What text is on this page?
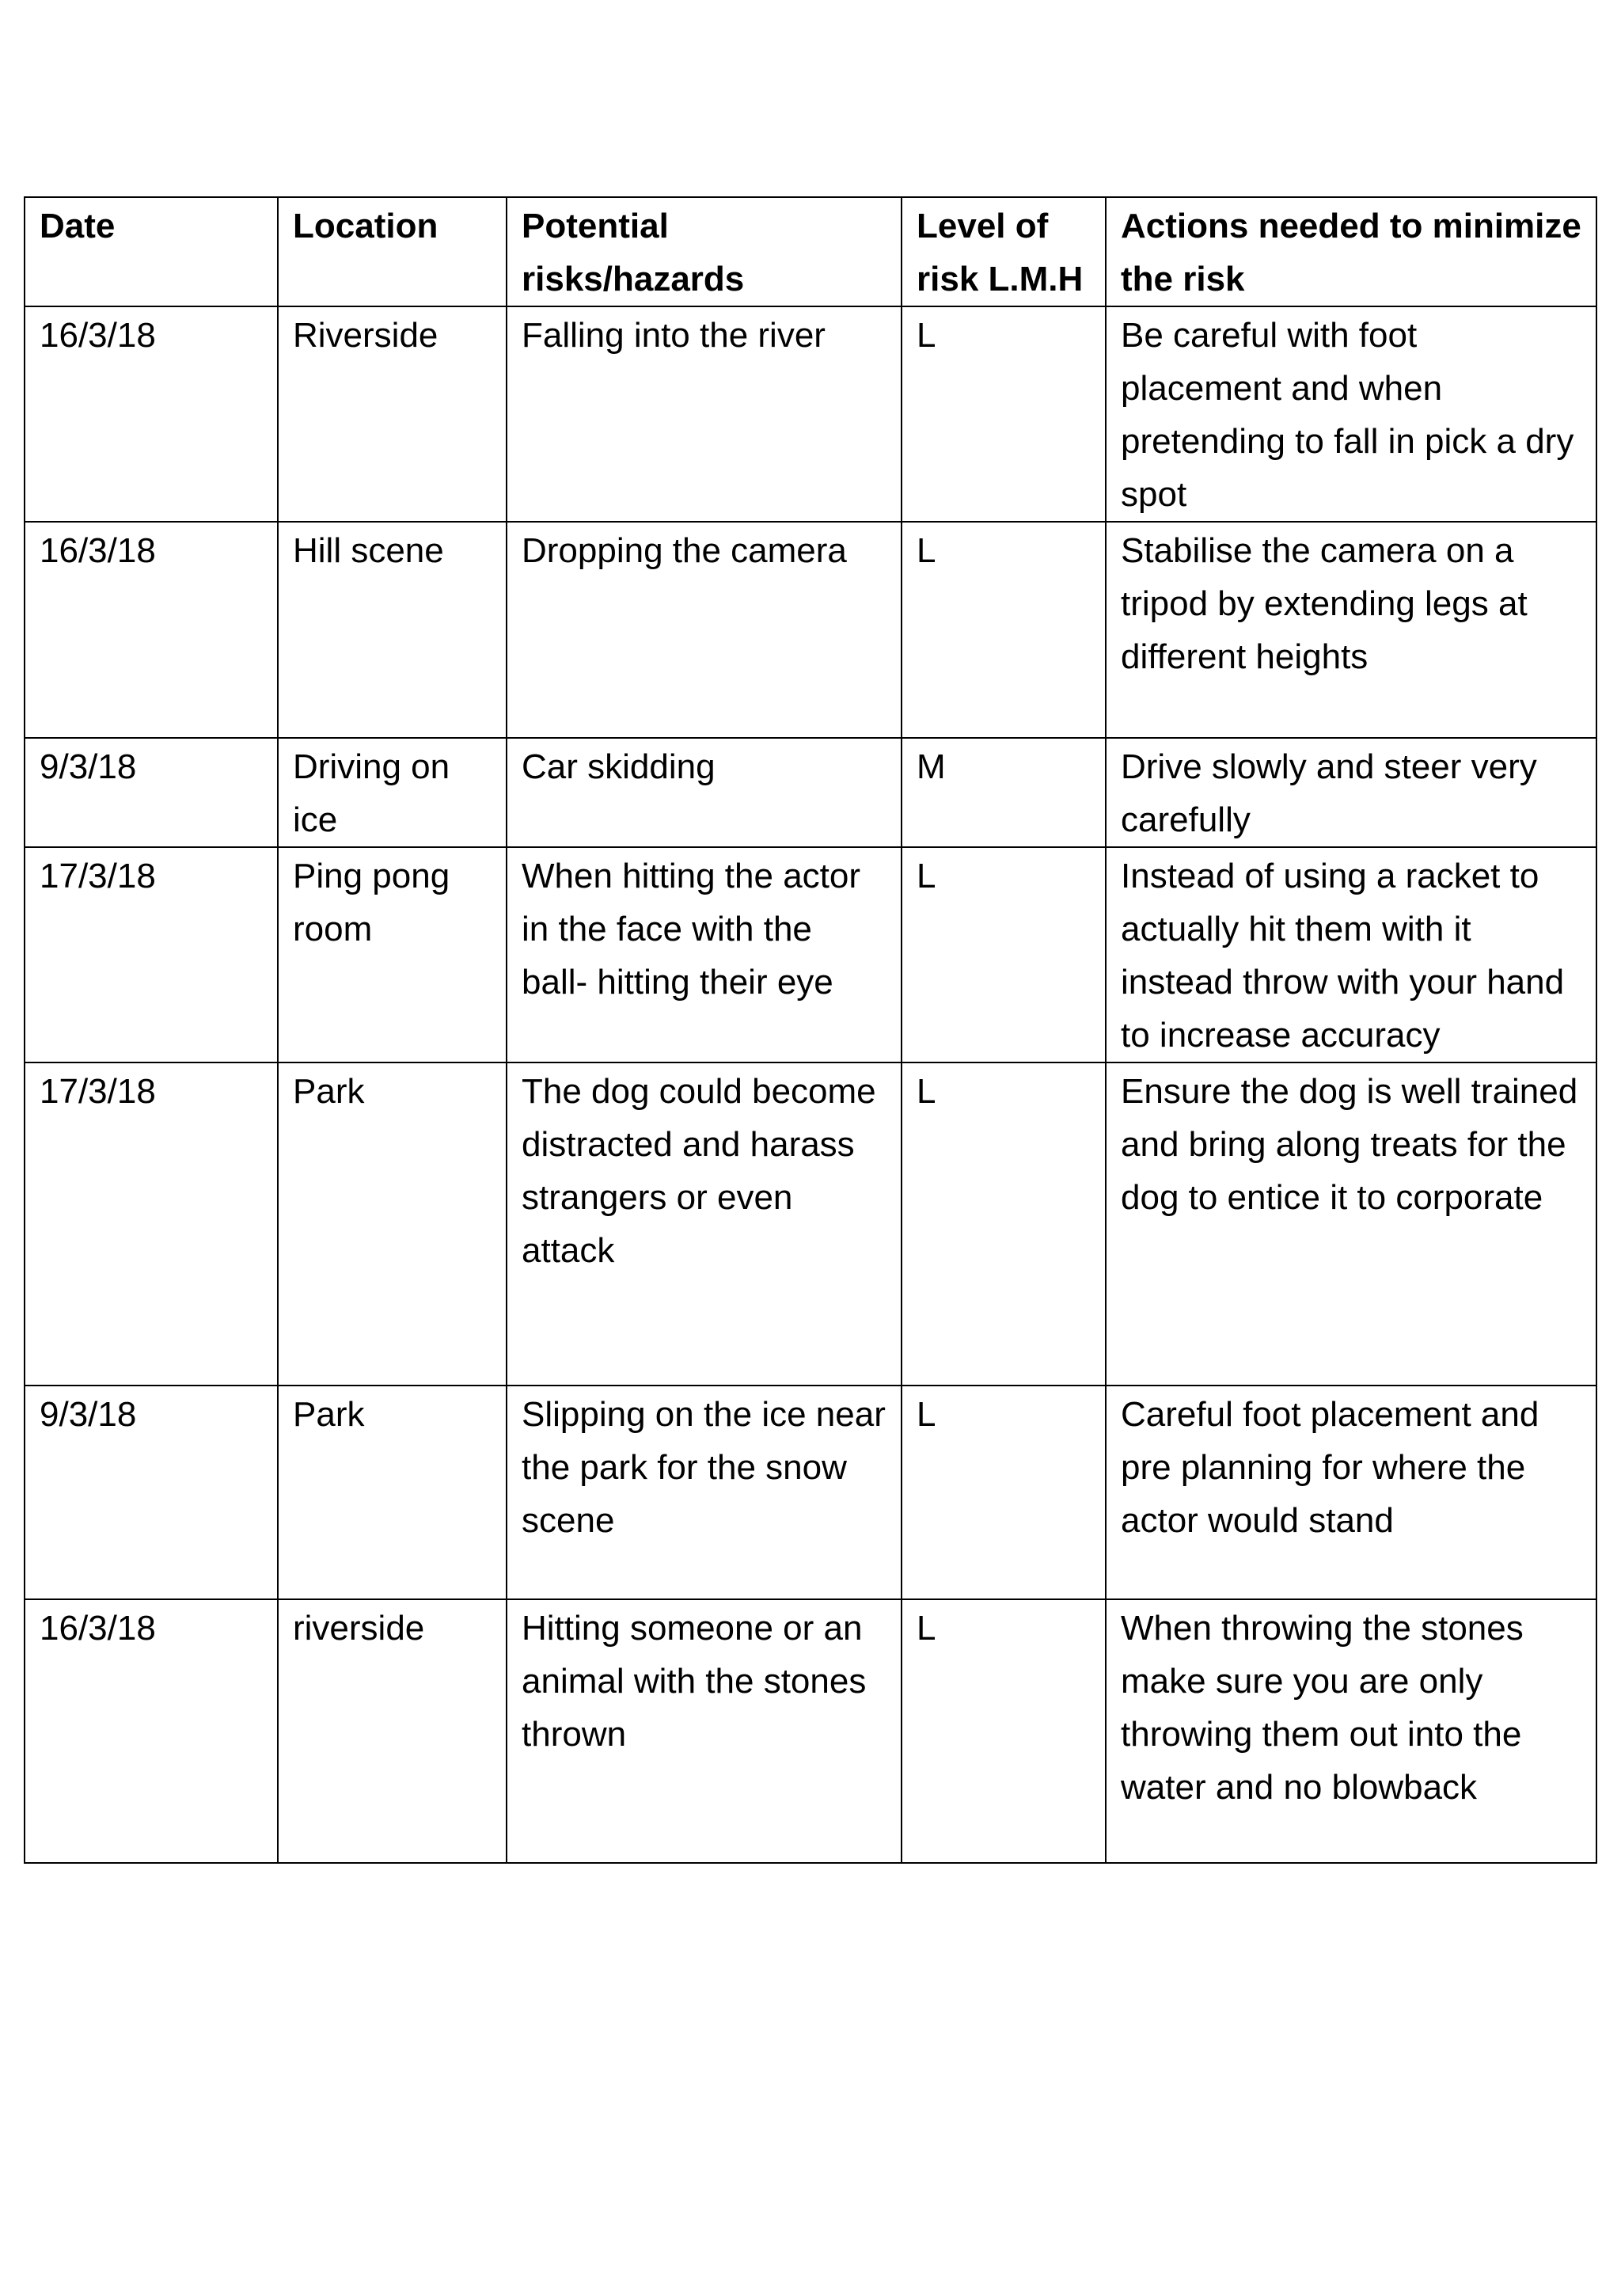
Date	Location	Potential risks/hazards	Level of risk L.M.H	Actions needed to minimize the risk
16/3/18	Riverside	Falling into the river	L	Be careful with foot placement and when pretending to fall in pick a dry spot
16/3/18	Hill scene	Dropping the camera	L	Stabilise the camera on a tripod by extending legs at different heights
9/3/18	Driving on ice	Car skidding	M	Drive slowly and steer very carefully
17/3/18	Ping pong room	When hitting the actor in the face with the ball- hitting their eye	L	Instead of using a racket to actually hit them with it instead throw with your hand to increase accuracy
17/3/18	Park	The dog could become distracted and harass strangers or even attack	L	Ensure the dog is well trained and bring along treats for the dog to entice it to corporate
9/3/18	Park	Slipping on the ice near the park for the snow scene	L	Careful foot placement and pre planning for where the actor would stand
16/3/18	riverside	Hitting someone or an animal with the stones thrown	L	When throwing the stones make sure you are only throwing them out into the water and no blowback
